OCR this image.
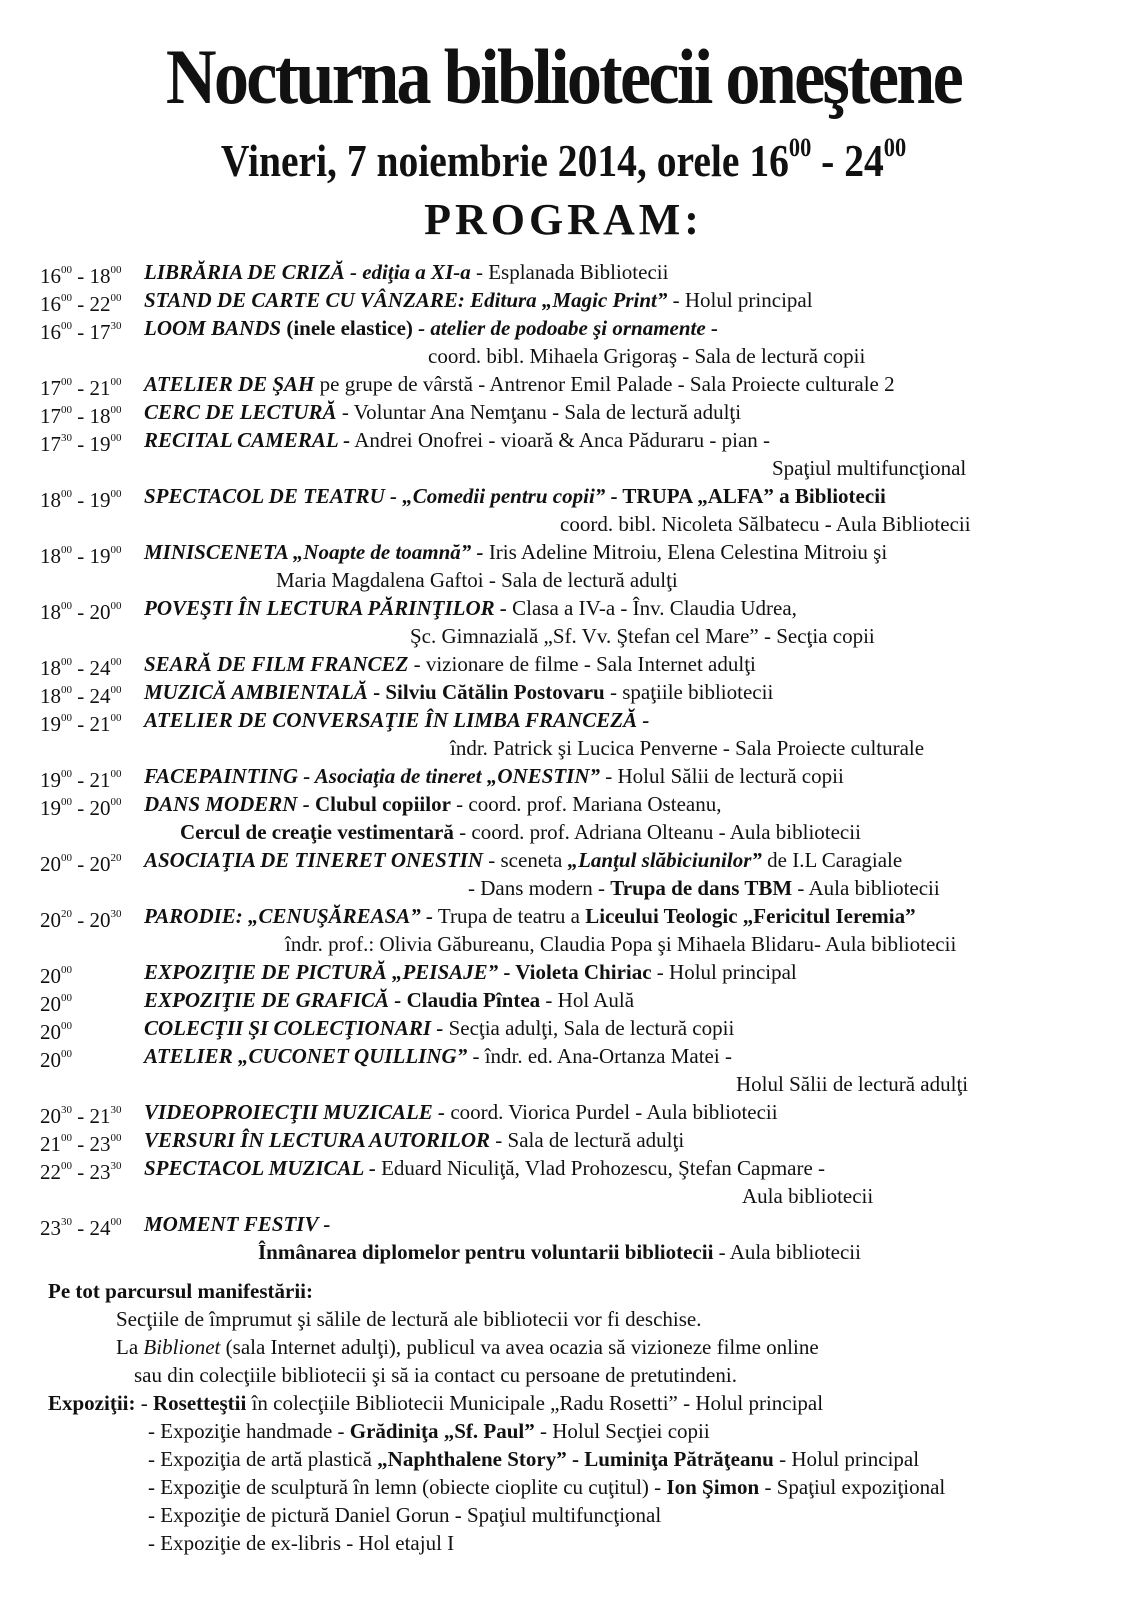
Nocturna bibliotecii oneştene
Vineri, 7 noiembrie 2014, orele $16^{00} - 24^{00}$
PROGRAM:
$16^{00} - 18^{00}$ LIBRĂRIA DE CRIZĂ - ediţia a XI-a - Esplanada Bibliotecii
$16^{00} - 22^{00}$ STAND DE CARTE CU VÂNZARE: Editura „Magic Print” - Holul principal
$16^{00} - 17^{30}$ LOOM BANDS (inele elastice) - atelier de podoabe şi ornamente -
coord. bibl. Mihaela Grigoraş - Sala de lectură copii
$17^{00} - 21^{00}$ ATELIER DE ŞAH pe grupe de vârstă - Antrenor Emil Palade - Sala Proiecte culturale 2
$17^{00} - 18^{00}$ CERC DE LECTURĂ - Voluntar Ana Nemţanu - Sala de lectură adulţi
$17^{30} - 19^{00}$ RECITAL CAMERAL - Andrei Onofrei - vioară & Anca Păduraru - pian -
Spaţiul multifuncţional
$18^{00} - 19^{00}$ SPECTACOL DE TEATRU - „Comedii pentru copii” - TRUPA „ALFA” a Bibliotecii
coord. bibl. Nicoleta Sălbatecu - Aula Bibliotecii
$18^{00} - 19^{00}$ MINISCENETA „Noapte de toamnă” - Iris Adeline Mitroiu, Elena Celestina Mitroiu şi
Maria Magdalena Gaftoi - Sala de lectură adulţi
$18^{00} - 20^{00}$ POVEŞTI ÎN LECTURA PĂRINŢILOR - Clasa a IV-a - Înv. Claudia Udrea,
Şc. Gimnazială „Sf. Vv. Ştefan cel Mare” - Secţia copii
$18^{00} - 24^{00}$ SEARĂ DE FILM FRANCEZ - vizionare de filme - Sala Internet adulţi
$18^{00} - 24^{00}$ MUZICĂ AMBIENTALĂ - Silviu Cătălin Postovaru - spaţiile bibliotecii
$19^{00} - 21^{00}$ ATELIER DE CONVERSAŢIE ÎN LIMBA FRANCEZĂ -
îndr. Patrick şi Lucica Penverne - Sala Proiecte culturale
$19^{00} - 21^{00}$ FACEPAINTING - Asociaţia de tineret „ONESTIN” - Holul Sălii de lectură copii
$19^{00} - 20^{00}$ DANS MODERN - Clubul copiilor - coord. prof. Mariana Osteanu,
Cercul de creaţie vestimentară - coord. prof. Adriana Olteanu - Aula bibliotecii
$20^{00} - 20^{20}$ ASOCIAŢIA DE TINERET ONESTIN - sceneta „Lanţul slăbiciunilor” de I.L Caragiale
- Dans modern - Trupa de dans TBM - Aula bibliotecii
$20^{20} - 20^{30}$ PARODIE: „CENUŞĂREASA” - Trupa de teatru a Liceului Teologic „Fericitul Ieremia”
îndr. prof.: Olivia Găbureanu, Claudia Popa şi Mihaela Blidaru- Aula bibliotecii
$20^{00}$	EXPOZIŢIE DE PICTURĂ „PEISAJE” - Violeta Chiriac - Holul principal
$20^{00}$	EXPOZIŢIE DE GRAFICĂ - Claudia Pîntea - Hol Aulă
$20^{00}$	COLECŢII ŞI COLECŢIONARI - Secţia adulţi, Sala de lectură copii
$20^{00}$	ATELIER „CUCONET QUILLING” - îndr. ed. Ana-Ortanza Matei -
Holul Sălii de lectură adulţi
$20^{30} - 21^{30}$ VIDEOPROIECŢII MUZICALE - coord. Viorica Purdel - Aula bibliotecii
$21^{00} - 23^{00}$ VERSURI ÎN LECTURA AUTORILOR - Sala de lectură adulţi
$22^{00} - 23^{30}$ SPECTACOL MUZICAL - Eduard Niculiţă, Vlad Prohozescu, Ştefan Capmare -
Aula bibliotecii
$23^{30} - 24^{00}$ MOMENT FESTIV -
Înmânarea diplomelor pentru voluntarii bibliotecii - Aula bibliotecii
Pe tot parcursul manifestării:
Secţiile de împrumut şi sălile de lectură ale bibliotecii vor fi deschise.
La Biblionet (sala Internet adulţi), publicul va avea ocazia să vizioneze filme online
sau din colecţiile bibliotecii şi să ia contact cu persoane de pretutindeni.
Expoziţii: - Rosetteştii în colecţiile Bibliotecii Municipale „Radu Rosetti” - Holul principal
- Expoziţie handmade - Grădiniţa „Sf. Paul” - Holul Secţiei copii
- Expoziţia de artă plastică „Naphthalene Story” - Luminiţa Pătrăţeanu - Holul principal
- Expoziţie de sculptură în lemn (obiecte cioplite cu cuţitul) - Ion Şimon - Spaţiul expoziţional
- Expoziţie de pictură Daniel Gorun - Spaţiul multifuncţional
- Expoziţie de ex-libris - Hol etajul I
